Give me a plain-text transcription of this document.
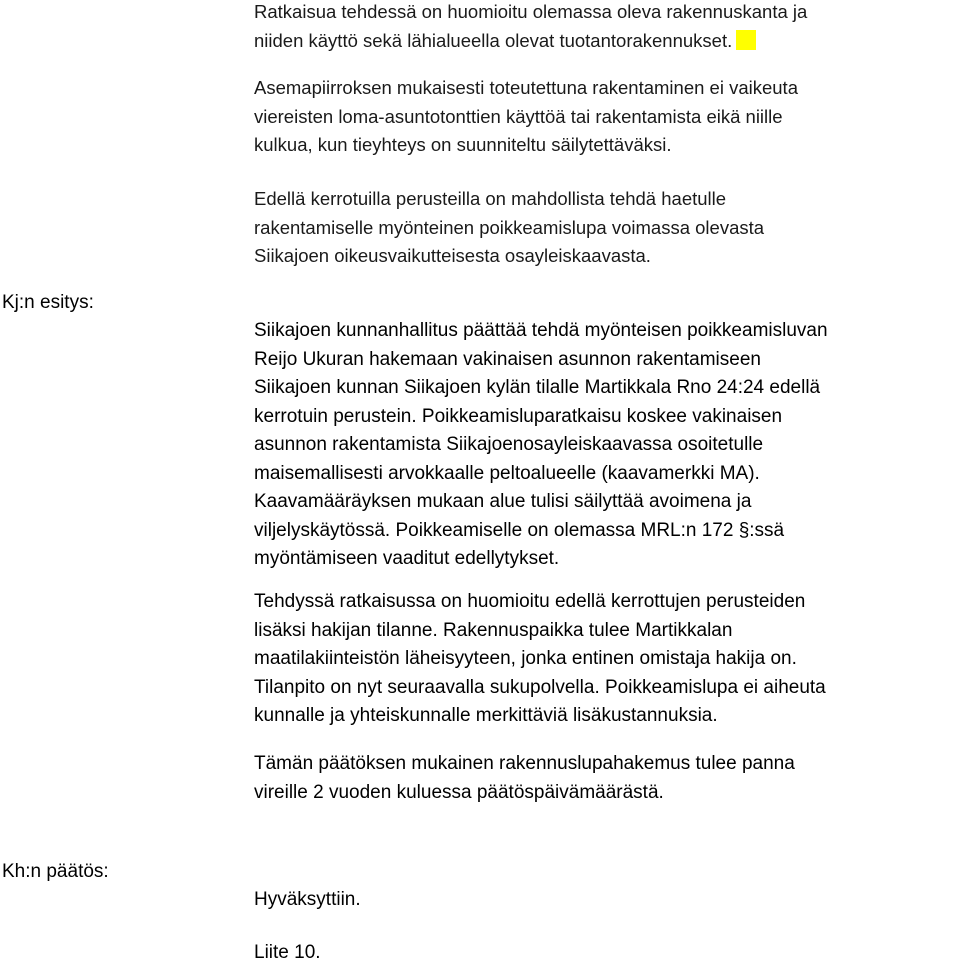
Kj:n esitys:
Kh:n päätös:
Ratkaisua tehdessä on huomioitu olemassa oleva rakennuskanta ja
niiden käyttö sekä lähialueella olevat tuotantorakennukset.
Asemapiirroksen mukaisesti toteutettuna rakentaminen ei vaikeuta
viereisten loma-asuntotonttien käyttöä tai rakentamista eikä niille
kulkua, kun tieyhteys on suunniteltu säilytettäväksi.
Edellä kerrotuilla perusteilla on mahdollista tehdä haetulle
rakentamiselle myönteinen poikkeamislupa voimassa olevasta
Siikajoen oikeusvaikutteisesta osayleiskaavasta.
Siikajoen kunnanhallitus päättää tehdä myönteisen poikkeamisluvan
Reijo Ukuran hakemaan vakinaisen asunnon rakentamiseen
Siikajoen kunnan Siikajoen kylän tilalle Martikkala Rno 24:24 edellä
kerrotuin perustein. Poikkeamisluparatkaisu koskee vakinaisen
asunnon rakentamista Siikajoenosayleiskaavassa osoitetulle
maisemallisesti arvokkaalle peltoalueelle (kaavamerkki MA).
Kaavamääräyksen mukaan alue tulisi säilyttää avoimena ja
viljelyskäytössä. Poikkeamiselle on olemassa MRL:n 172 §:ssä
myöntämiseen vaaditut edellytykset.
Tehdyssä ratkaisussa on huomioitu edellä kerrottujen perusteiden
lisäksi hakijan tilanne. Rakennuspaikka tulee Martikkalan
maatilakiinteistön läheisyyteen, jonka entinen omistaja hakija on.
Tilanpito on nyt seuraavalla sukupolvella. Poikkeamislupa ei aiheuta
kunnalle ja yhteiskunnalle merkittäviä lisäkustannuksia.
Tämän päätöksen mukainen rakennuslupahakemus tulee panna
vireille 2 vuoden kuluessa päätöspäivämäärästä.
Hyväksyttiin.
Liite 10.
